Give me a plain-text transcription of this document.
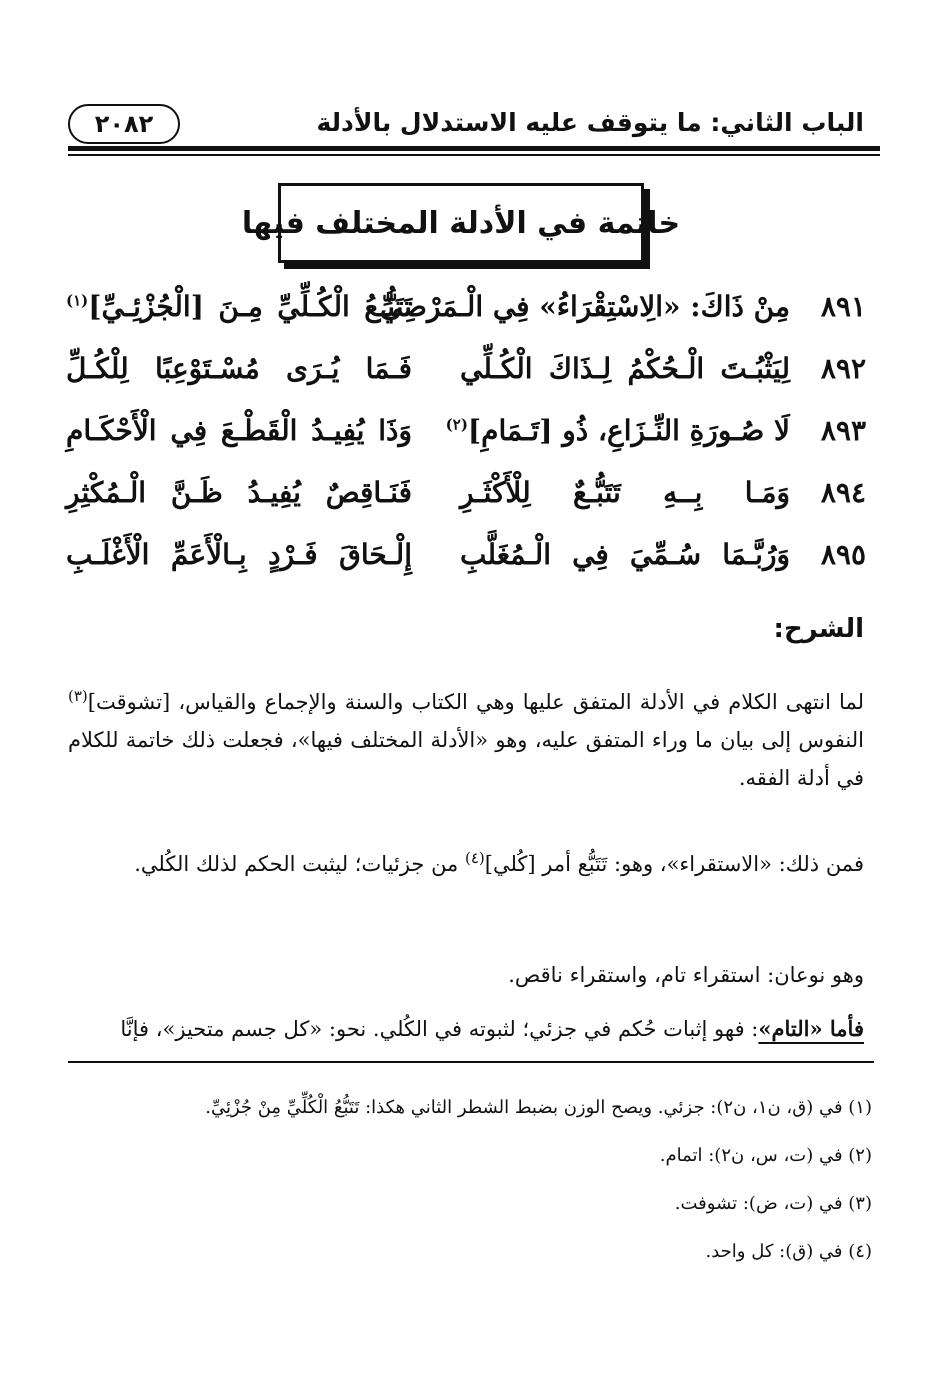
الباب الثاني: ما يتوقف عليه الاستدلال بالأدلة
٢٠٨٢
خاتمة في الأدلة المختلف فيها
٨٩١
مِنْ ذَاكَ: «الِاسْتِقْرَاءُ» فِي الْـمَرْضِيِّ
تَتَبُّـعُ الْكُـلِّيِّ مِـنَ [الْجُزْئِـيِّ]$^{(١)}$
٨٩٢
لِيَثْبُـتَ الْـحُكْمُ لِـذَاكَ الْكُـلِّي
فَـمَا يُـرَى مُسْـتَوْعِبًا لِلْكُـلِّ
٨٩٣
لَا صُـورَةِ النِّـزَاعِ، ذُو [تَـمَامِ]$^{(٢)}$
وَذَا يُفِيـدُ الْقَطْـعَ فِي الْأَحْكَـامِ
٨٩٤
وَمَـا بِــهِ تَتَبُّـعٌ لِلْأَكْثَـرِ
فَنَـاقِصٌ يُفِيـدُ ظَـنَّ الْـمُكْثِرِ
٨٩٥
وَرُبَّـمَا سُـمِّيَ فِي الْـمُغَلَّبِ
إِلْـحَاقَ فَـرْدٍ بِـالْأَعَمِّ الْأَغْلَـبِ
الشرح:
لما انتهى الكلام في الأدلة المتفق عليها وهي الكتاب والسنة والإجماع والقياس، [تشوقت]$^{(٣)}$ النفوس إلى بيان ما وراء المتفق عليه، وهو «الأدلة المختلف فيها»، فجعلت ذلك خاتمة للكلام في أدلة الفقه.
فمن ذلك: «الاستقراء»، وهو: تَتَبُّع أمر [كُلي]$^{(٤)}$ من جزئيات؛ ليثبت الحكم لذلك الكُلي.
وهو نوعان: استقراء تام، واستقراء ناقص.
فأما «التام»: فهو إثبات حُكم في جزئي؛ لثبوته في الكُلي. نحو: «كل جسم متحيز»، فإنَّا
(١) في (ق، ن١، ن٢): جزئي. ويصح الوزن بضبط الشطر الثاني هكذا: تَتَبُّعُ الْكُلِّيِّ مِنْ جُزْئِيِّ.
(٢) في (ت، س، ن٢): اتمام.
(٣) في (ت، ض): تشوفت.
(٤) في (ق): كل واحد.
